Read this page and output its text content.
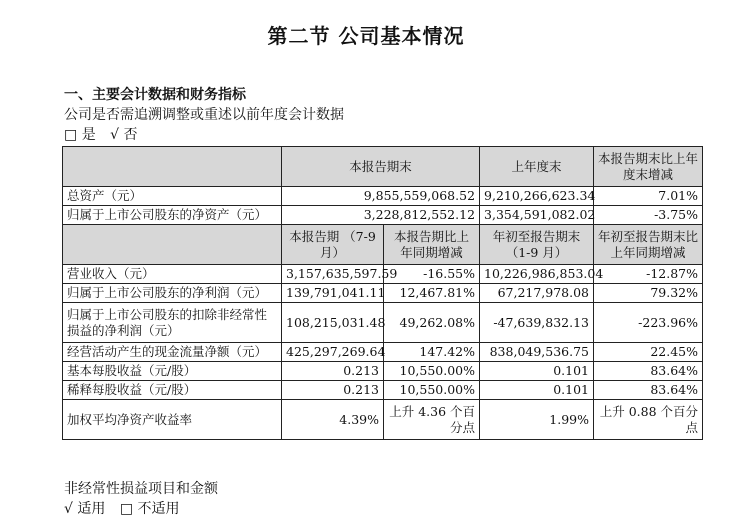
第二节 公司基本情况
一、主要会计数据和财务指标
公司是否需追溯调整或重述以前年度会计数据
□ 是 √ 否
	本报告期末		上年度末	本报告期末比上年度末增减
总资产（元）	9,855,559,068.52		9,210,266,623.34	7.01%
归属于上市公司股东的净资产（元）	3,228,812,552.12		3,354,591,082.02	-3.75%
	本报告期 （7-9 月）	本报告期比上年同期增减	年初至报告期末 （1-9 月）	年初至报告期末比上年同期增减
营业收入（元）	3,157,635,597.59	-16.55%	10,226,986,853.04	-12.87%
归属于上市公司股东的净利润（元）	139,791,041.11	12,467.81%	67,217,978.08	79.32%
归属于上市公司股东的扣除非经常性损益的净利润（元）	108,215,031.48	49,262.08%	-47,639,832.13	-223.96%
经营活动产生的现金流量净额（元）	425,297,269.64	147.42%	838,049,536.75	22.45%
基本每股收益（元/股）	0.213	10,550.00%	0.101	83.64%
稀释每股收益（元/股）	0.213	10,550.00%	0.101	83.64%
加权平均净资产收益率	4.39%	上升 4.36 个百分点	1.99%	上升 0.88 个百分点
非经常性损益项目和金额
√ 适用 □ 不适用
